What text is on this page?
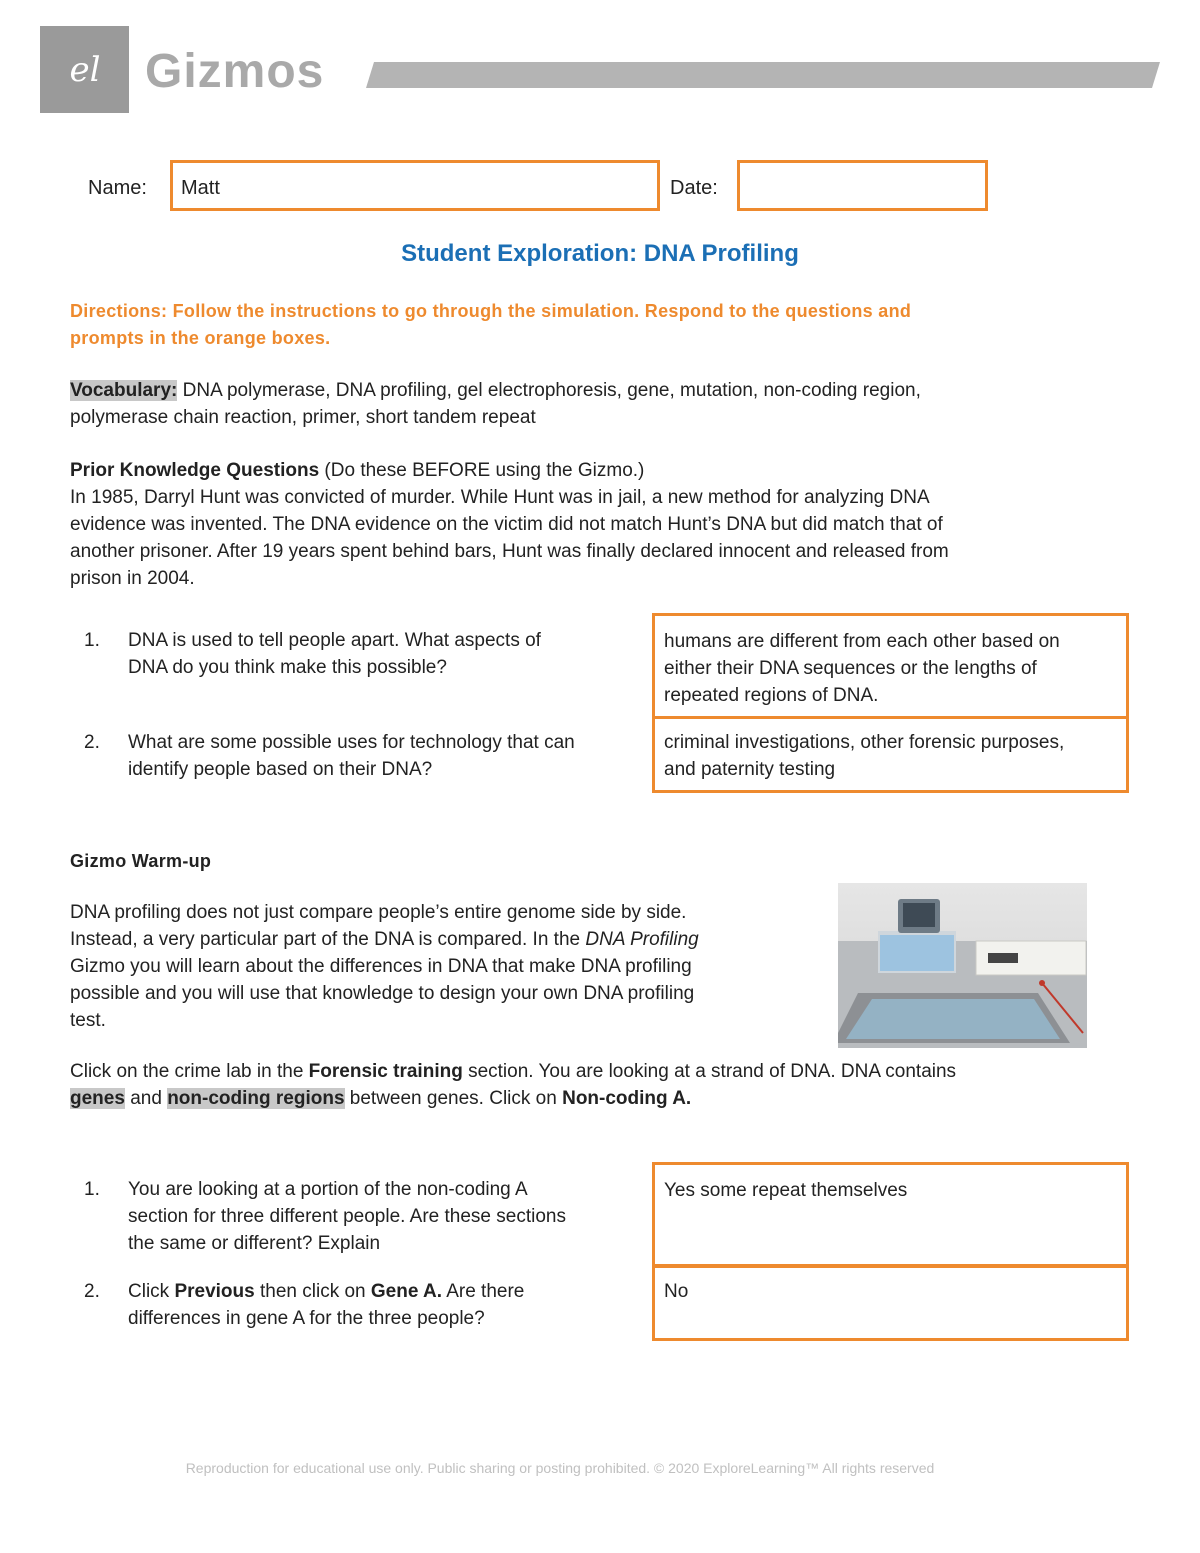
el Gizmos
Name:	Matt	Date:
Student Exploration: DNA Profiling
Directions: Follow the instructions to go through the simulation. Respond to the questions and
prompts in the orange boxes.
Vocabulary: DNA polymerase, DNA profiling, gel electrophoresis, gene, mutation, non-coding region,
polymerase chain reaction, primer, short tandem repeat
Prior Knowledge Questions (Do these BEFORE using the Gizmo.)
In 1985, Darryl Hunt was convicted of murder. While Hunt was in jail, a new method for analyzing DNA
evidence was invented. The DNA evidence on the victim did not match Hunt’s DNA but did match that of
another prisoner. After 19 years spent behind bars, Hunt was finally declared innocent and released from
prison in 2004.
1. DNA is used to tell people apart. What aspects of
DNA do you think make this possible?
humans are different from each other based on
either their DNA sequences or the lengths of
repeated regions of DNA.
2. What are some possible uses for technology that can
identify people based on their DNA?
criminal investigations, other forensic purposes,
and paternity testing
Gizmo Warm-up
DNA profiling does not just compare people’s entire genome side by side.
Instead, a very particular part of the DNA is compared. In the DNA Profiling
Gizmo you will learn about the differences in DNA that make DNA profiling
possible and you will use that knowledge to design your own DNA profiling
test.
Click on the crime lab in the Forensic training section. You are looking at a strand of DNA. DNA contains
genes and non-coding regions between genes. Click on Non-coding A.
1. You are looking at a portion of the non-coding A
section for three different people. Are these sections
the same or different? Explain
Yes some repeat themselves
2. Click Previous then click on Gene A. Are there
differences in gene A for the three people?
No
Reproduction for educational use only. Public sharing or posting prohibited. © 2020 ExploreLearning™ All rights reserved
